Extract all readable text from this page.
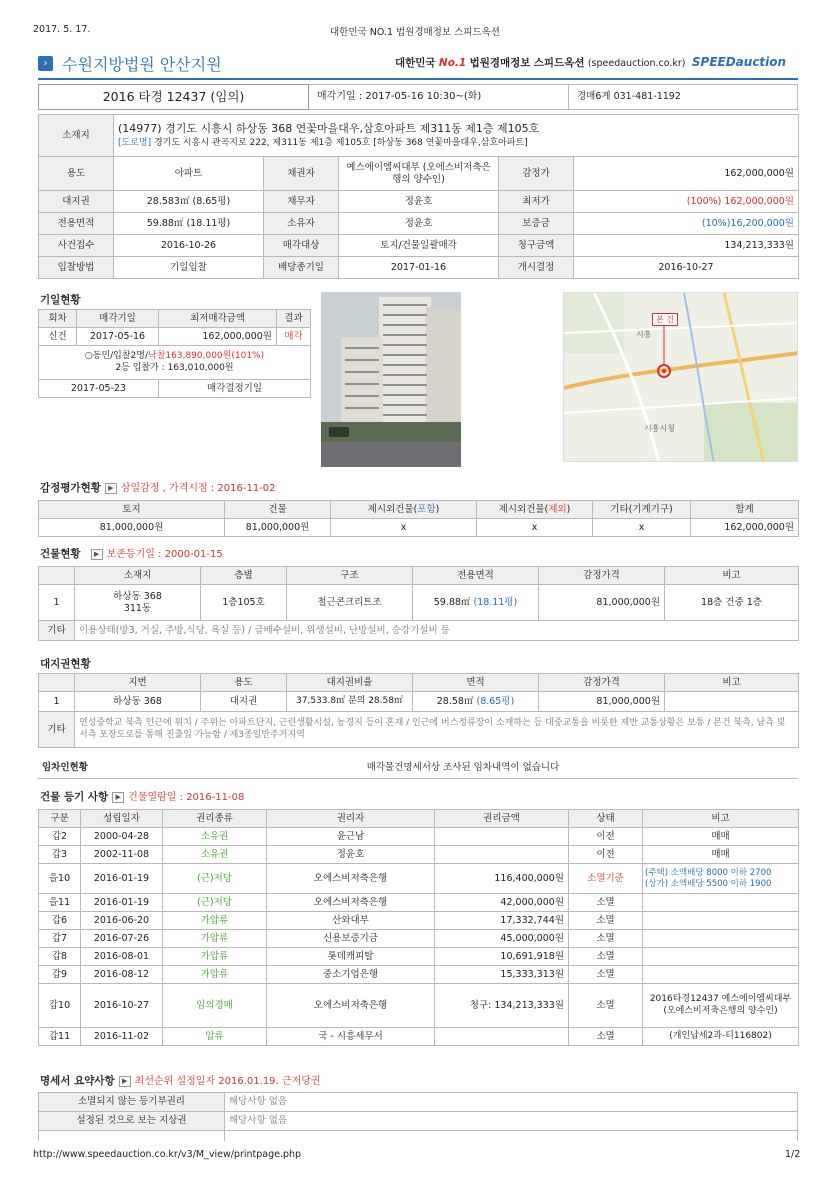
2017. 5. 17.	대한민국 NO.1 법원경매정보 스피드옥션
› 수원지방법원 안산지원	대한민국 No.1 법원경매정보 스피드옥션 (speedauction.co.kr) SPEEDauction
2016 타경 12437 (임의)	매각기일 : 2017-05-16 10:30~(화)	경매6계 031-481-1192
소재지	(14977) 경기도 시흥시 하상동 368 연꽃마을대우,삼호아파트 제311동 제1층 제105호
[도로명] 경기도 시흥시 관곡지로 222, 제311동 제1층 제105호 [하상동 368 연꽃마을대우,삼호아파트]				

용도	아파트	채권자	예스에이엠씨대부 (오에스비저축은행의 양수인)	감정가	162,000,000원
대지권	28.583㎡ (8.65평)	채무자	정윤호	최저가	(100%) 162,000,000원
전용면적	59.88㎡ (18.11평)	소유자	정윤호	보증금	(10%)16,200,000원
사건접수	2016-10-26	매각대상	토지/건물일괄매각	청구금액	134,213,333원
입찰방법	기일입찰	배당종기일	2017-01-16	개시결정	2016-10-27
기일현황
회차	매각기일	최저매각금액	결과
신건	2017-05-16	162,000,000원	매각

○동민/입찰2명/낙찰163,890,000원(101%)
2등 입찰가 : 163,010,000원			

2017-05-23		매각결정기일	
본 건
시흥
시흥시청
감정평가현황 ▶ 삼일감정 , 가격시점 : 2016-11-02
토지	건물	제시외건물(포함)	제시외건물(제외)	기타(기계기구)	합계
81,000,000원	81,000,000원	x	x	x	162,000,000원
건물현황 ▶ 보존등기일 : 2000-01-15
	소재지	층별	구조	전용면적	감정가격	비고
1	하상동 368
311동	1층105호	철근콘크리트조	59.88㎡ (18.11평)	81,000,000원	18층 건중 1층
기타	이용상태(방3, 거실, 주방,식당, 욕실 등) / 급배수설비, 위생설비, 난방설비, 승강기설비 등					
대지권현황
	지번	용도	대지권비율	면적	감정가격	비고
1	하상동 368	대지권	37,533.8㎡ 분의 28.58㎡	28.58㎡ (8.65평)	81,000,000원	
기타	연성중학교 북측 인근에 위치 / 주위는 아파트단지, 근린생활시설, 농경지 등이 혼재 / 인근에 버스정류장이 소재하는 등 대중교통을 비롯한 제반 교통상황은 보통 / 본건 북측, 남측 및 서측 포장도로를 통해 진출입 가능함 / 제3종일반주거지역					
임차인현황	매각물건명세서상 조사된 임차내역이 없습니다
건물 등기 사항 ▶ 건물열람일 : 2016-11-08
구분	성립일자	권리종류	권리자	권리금액	상태	비고
갑2	2000-04-28	소유권	윤근남		이전	매매
갑3	2002-11-08	소유권	정윤호		이전	매매
을10	2016-01-19	(근)저당	오에스비저축은행	116,400,000원	소멸기준	(주택) 소액배당 8000 이하 2700
(상가) 소액배당 5500 이하 1900

을11	2016-01-19	(근)저당	오에스비저축은행	42,000,000원	소멸	
갑6	2016-06-20	가압류	산와대부	17,332,744원	소멸	
갑7	2016-07-26	가압류	신용보증기금	45,000,000원	소멸	
갑8	2016-08-01	가압류	롯데캐피탈	10,691,918원	소멸	
갑9	2016-08-12	가압류	중소기업은행	15,333,313원	소멸	
갑10	2016-10-27	임의경매	오에스비저축은행	청구: 134,213,333원	소멸	2016타경12437 예스에이엠씨대부 (오에스비저축은행의 양수인)
갑11	2016-11-02	압류	국 - 시흥세무서		소멸	(개인납세2과-티116802)
명세서 요약사항 ▶ 최선순위 설정일자 2016.01.19. 근저당권
소멸되지 않는 등기부권리	해당사항 없음
설정된 것으로 보는 지상권	해당사항 없음

http://www.speedauction.co.kr/v3/M_view/printpage.php	1/2
